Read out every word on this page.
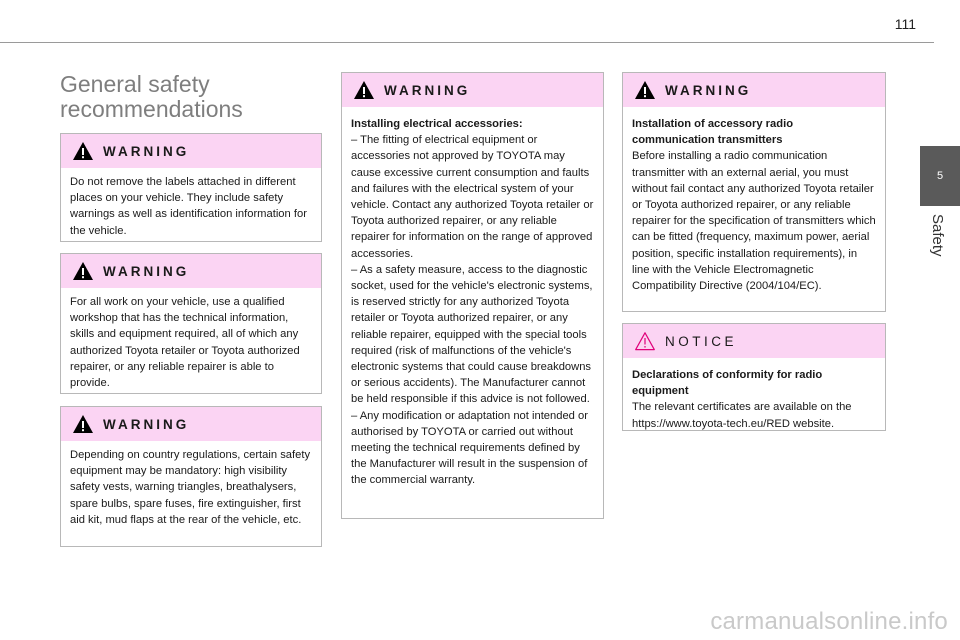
111
5
Safety
General safety recommendations
WARNING

Do not remove the labels attached in different places on your vehicle. They include safety warnings as well as identification information for the vehicle.

WARNING

For all work on your vehicle, use a qualified workshop that has the technical information, skills and equipment required, all of which any authorized Toyota retailer or Toyota authorized repairer, or any reliable repairer is able to provide.

WARNING

Depending on country regulations, certain safety equipment may be mandatory: high visibility safety vests, warning triangles, breathalysers, spare bulbs, spare fuses, fire extinguisher, first aid kit, mud flaps at the rear of the vehicle, etc.

WARNING
Installing electrical accessories:

– The fitting of electrical equipment or accessories not approved by TOYOTA may cause excessive current consumption and faults and failures with the electrical system of your vehicle. Contact any authorized Toyota retailer or Toyota authorized repairer, or any reliable repairer for information on the range of approved accessories.

– As a safety measure, access to the diagnostic socket, used for the vehicle's electronic systems, is reserved strictly for any authorized Toyota retailer or Toyota authorized repairer, or any reliable repairer, equipped with the special tools required (risk of malfunctions of the vehicle's electronic systems that could cause breakdowns or serious accidents). The Manufacturer cannot be held responsible if this advice is not followed.

– Any modification or adaptation not intended or authorised by TOYOTA or carried out without meeting the technical requirements defined by the Manufacturer will result in the suspension of the commercial warranty.

WARNING
Installation of accessory radio communication transmitters

Before installing a radio communication transmitter with an external aerial, you must without fail contact any authorized Toyota retailer or Toyota authorized repairer, or any reliable repairer for the specification of transmitters which can be fitted (frequency, maximum power, aerial position, specific installation requirements), in line with the Vehicle Electromagnetic Compatibility Directive (2004/104/EC).

NOTICE
Declarations of conformity for radio equipment

The relevant certificates are available on the https://www.toyota-tech.eu/RED website.

carmanualsonline.info
